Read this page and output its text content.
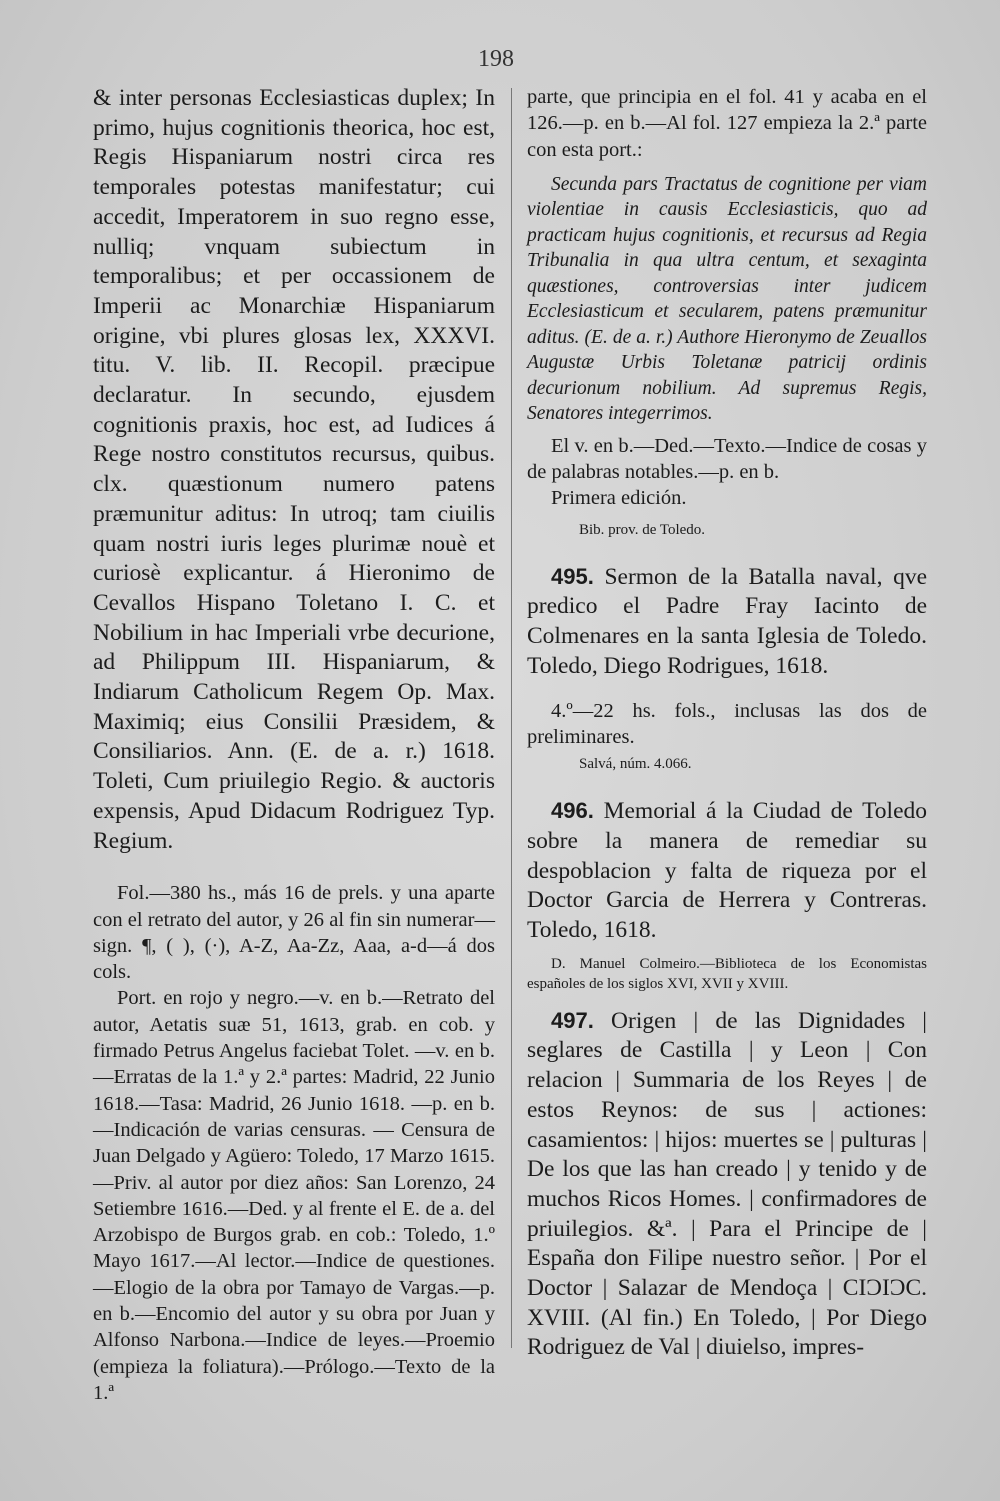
198

& inter personas Ecclesiasticas duplex; In primo, hujus cognitionis theorica, hoc est, Regis Hispaniarum nostri circa res temporales potestas manifestatur; cui accedit, Imperatorem in suo regno esse, nulliq; vnquam subiectum in temporalibus; et per occassionem de Imperii ac Monarchiæ Hispaniarum origine, vbi plures glosas lex, XXXVI. titu. V. lib. II. Recopil. præcipue declaratur. In secundo, ejusdem cognitionis praxis, hoc est, ad Iudices á Rege nostro constitutos recursus, quibus. clx. quæstionum numero patens præmunitur aditus: In utroq; tam ciuilis quam nostri iuris leges plurimæ nouè et curiosè explicantur. á Hieronimo de Cevallos Hispano Toletano I. C. et Nobilium in hac Imperiali vrbe decurione, ad Philippum III. Hispaniarum, & Indiarum Catholicum Regem Op. Max. Maximiq; eius Consilii Præsidem, & Consiliarios. Ann. (E. de a. r.) 1618. Toleti, Cum priuilegio Regio. & auctoris expensis, Apud Didacum Rodriguez Typ. Regium.

Fol.—380 hs., más 16 de prels. y una aparte con el retrato del autor, y 26 al fin sin numerar—sign. ¶, ( ), (·), A-Z, Aa-Zz, Aaa, a-d—á dos cols.

Port. en rojo y negro.—v. en b.—Retrato del autor, Aetatis suæ 51, 1613, grab. en cob. y firmado Petrus Angelus faciebat Tolet. —v. en b.—Erratas de la 1.ª y 2.ª partes: Madrid, 22 Junio 1618.—Tasa: Madrid, 26 Junio 1618. —p. en b.—Indicación de varias censuras. — Censura de Juan Delgado y Agüero: Toledo, 17 Marzo 1615.—Priv. al autor por diez años: San Lorenzo, 24 Setiembre 1616.—Ded. y al frente el E. de a. del Arzobispo de Burgos grab. en cob.: Toledo, 1.º Mayo 1617.—Al lector.—Indice de questiones.—Elogio de la obra por Tamayo de Vargas.—p. en b.—Encomio del autor y su obra por Juan y Alfonso Narbona.—Indice de leyes.—Proemio (empieza la foliatura).—Prólogo.—Texto de la 1.ª

parte, que principia en el fol. 41 y acaba en el 126.—p. en b.—Al fol. 127 empieza la 2.ª parte con esta port.:

Secunda pars Tractatus de cognitione per viam violentiae in causis Ecclesiasticis, quo ad practicam hujus cognitionis, et recursus ad Regia Tribunalia in qua ultra centum, et sexaginta quæstiones, controversias inter judicem Ecclesiasticum et secularem, patens præmunitur aditus. (E. de a. r.) Authore Hieronymo de Zeuallos Augustæ Urbis Toletanæ patricij ordinis decurionum nobilium. Ad supremus Regis, Senatores integerrimos.

El v. en b.—Ded.—Texto.—Indice de cosas y de palabras notables.—p. en b.

Primera edición.

Bib. prov. de Toledo.

495. Sermon de la Batalla naval, qve predico el Padre Fray Iacinto de Colmenares en la santa Iglesia de Toledo. Toledo, Diego Rodrigues, 1618.

4.º—22 hs. fols., inclusas las dos de preliminares.

Salvá, núm. 4.066.

496. Memorial á la Ciudad de Toledo sobre la manera de remediar su despoblacion y falta de riqueza por el Doctor Garcia de Herrera y Contreras. Toledo, 1618.

D. Manuel Colmeiro.—Biblioteca de los Economistas españoles de los siglos XVI, XVII y XVIII.

497. Origen | de las Dignidades | seglares de Castilla | y Leon | Con relacion | Summaria de los Reyes | de estos Reynos: de sus | actiones: casamientos: | hijos: muertes se | pulturas | De los que las han creado | y tenido y de muchos Ricos Homes. | confirmadores de priuilegios. &ª. | Para el Principe de | España don Filipe nuestro señor. | Por el Doctor | Salazar de Mendoça | CIƆIƆC. XVIII. (Al fin.) En Toledo, | Por Diego Rodriguez de Val | diuielso, impres-
